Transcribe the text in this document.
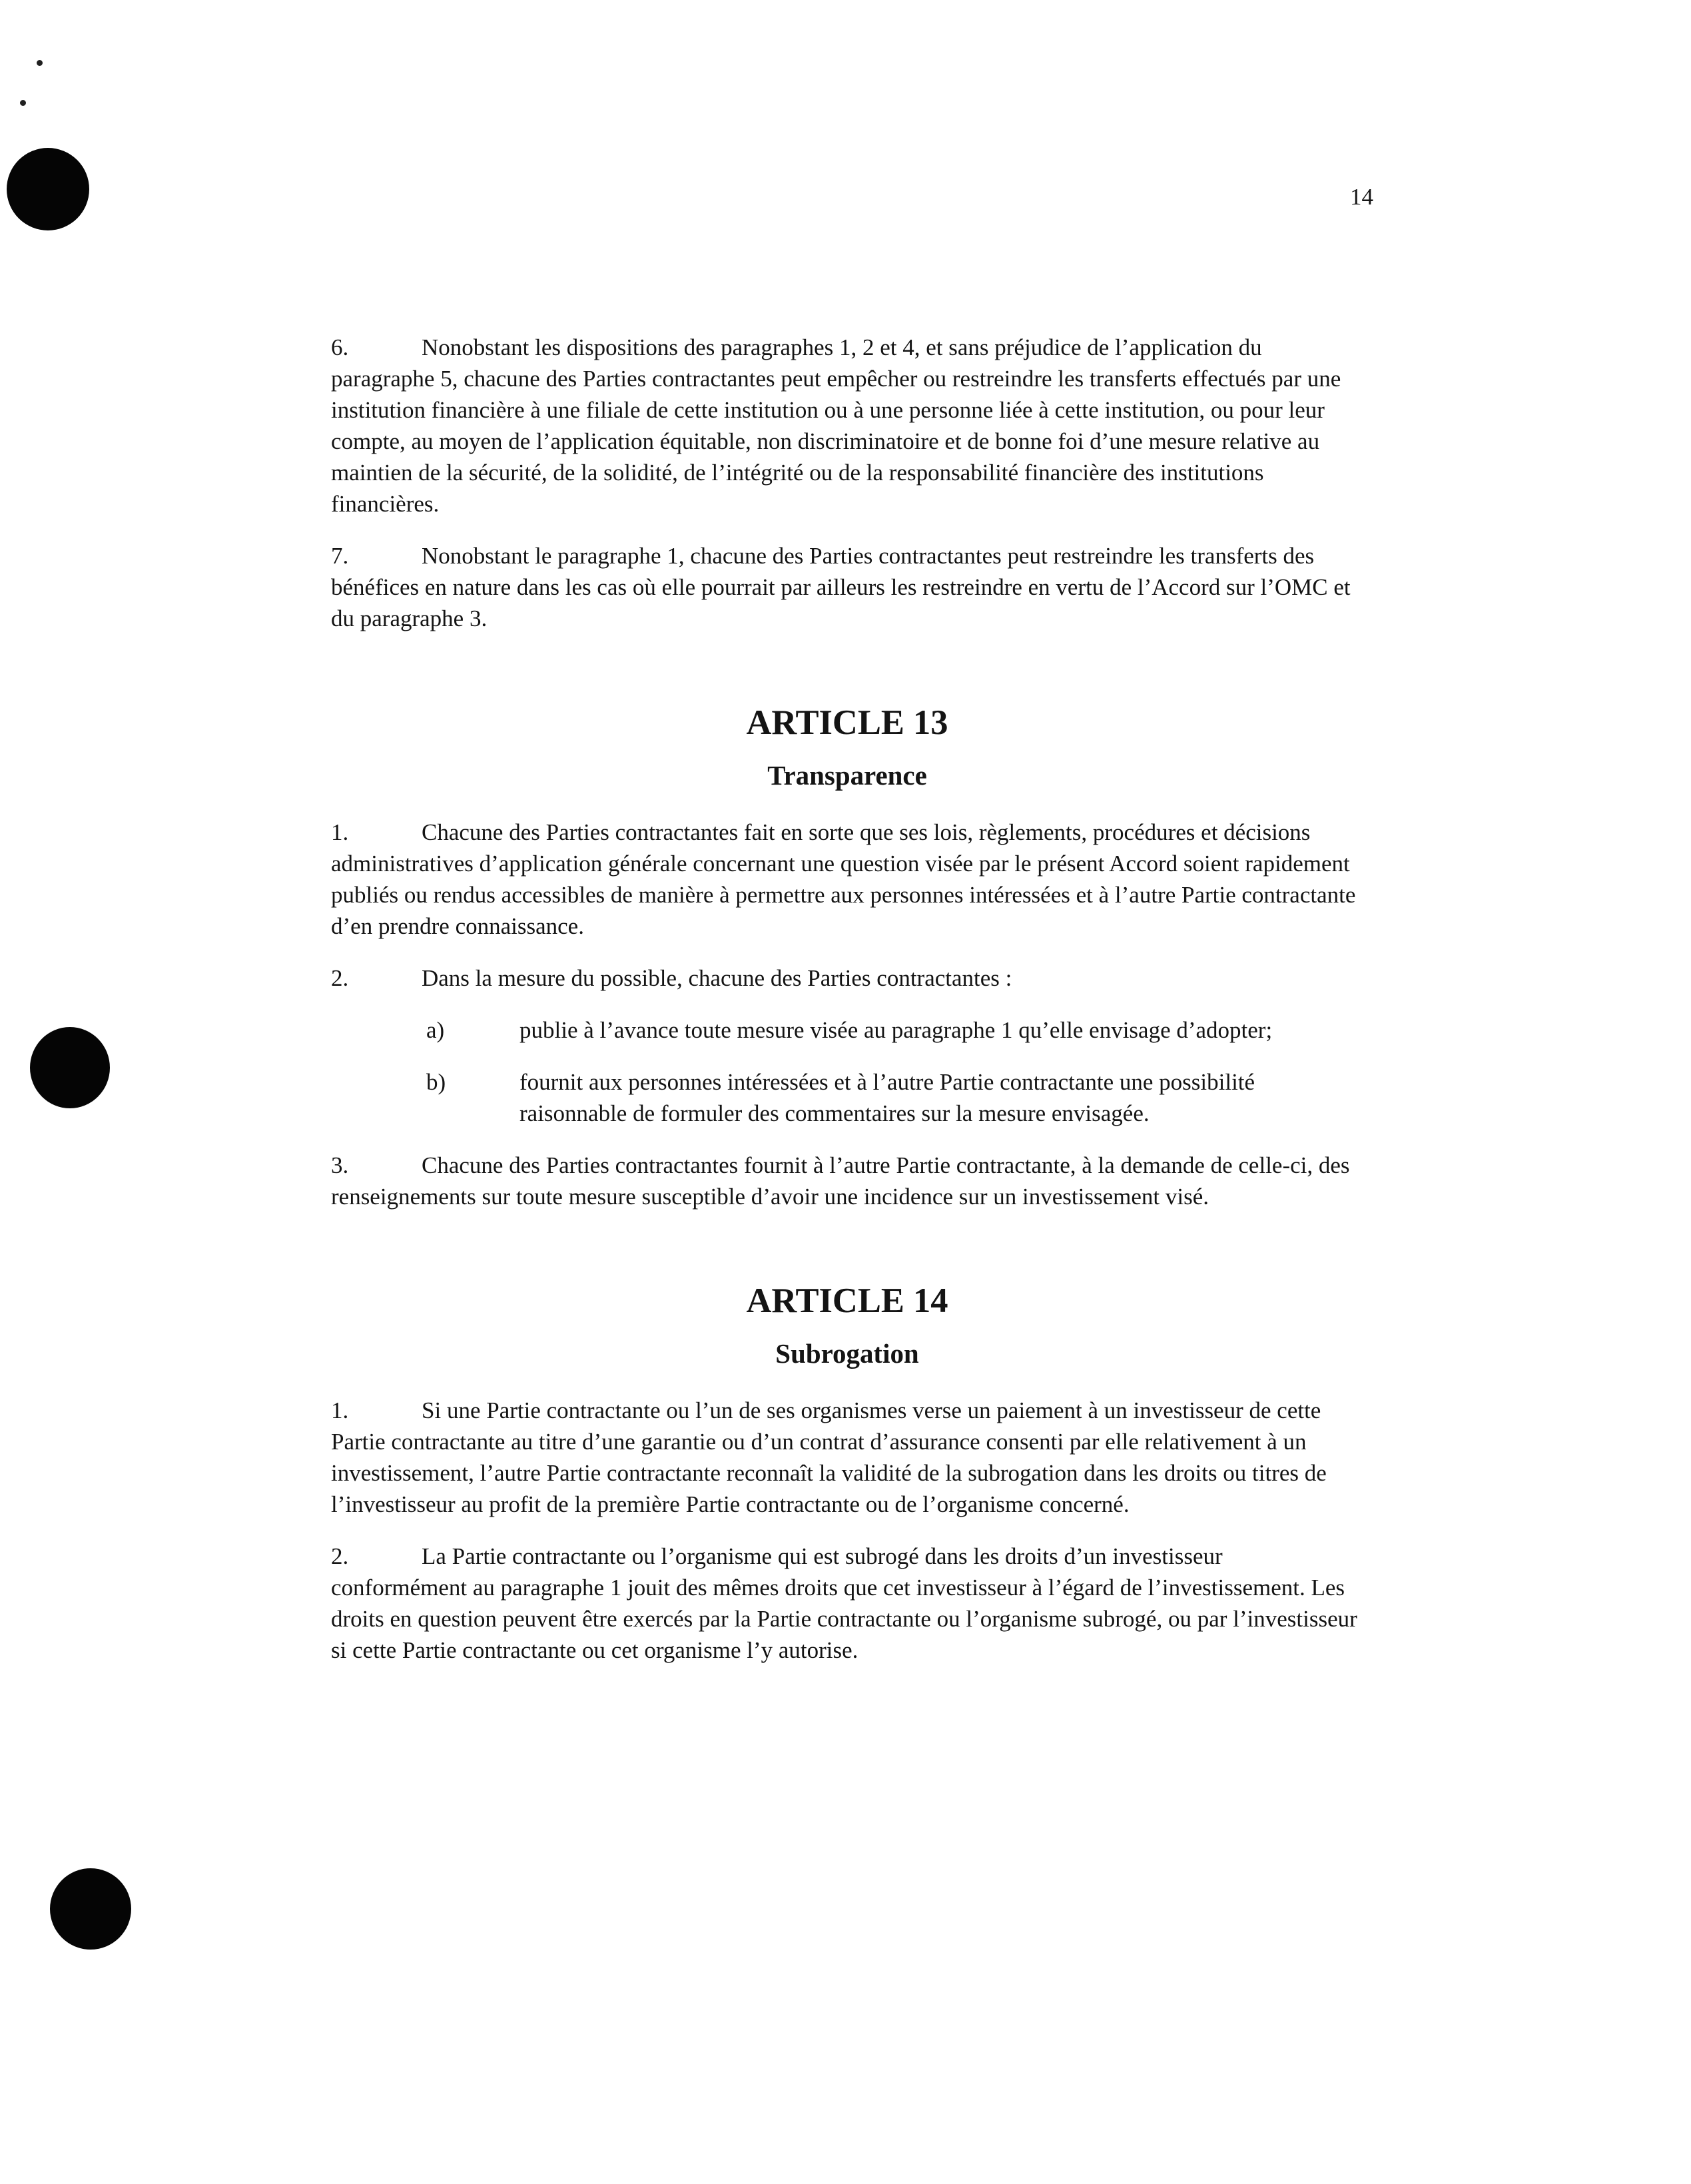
14

6.	Nonobstant les dispositions des paragraphes 1, 2 et 4, et sans préjudice de l’application du paragraphe 5, chacune des Parties contractantes peut empêcher ou restreindre les transferts effectués par une institution financière à une filiale de cette institution ou à une personne liée à cette institution, ou pour leur compte, au moyen de l’application équitable, non discriminatoire et de bonne foi d’une mesure relative au maintien de la sécurité, de la solidité, de l’intégrité ou de la responsabilité financière des institutions financières.

7.	Nonobstant le paragraphe 1, chacune des Parties contractantes peut restreindre les transferts des bénéfices en nature dans les cas où elle pourrait par ailleurs les restreindre en vertu de l’Accord sur l’OMC et du paragraphe 3.

ARTICLE 13
Transparence

1.	Chacune des Parties contractantes fait en sorte que ses lois, règlements, procédures et décisions administratives d’application générale concernant une question visée par le présent Accord soient rapidement publiés ou rendus accessibles de manière à permettre aux personnes intéressées et à l’autre Partie contractante d’en prendre connaissance.

2.	Dans la mesure du possible, chacune des Parties contractantes :

a)	publie à l’avance toute mesure visée au paragraphe 1 qu’elle envisage d’adopter;
b)	fournit aux personnes intéressées et à l’autre Partie contractante une possibilité raisonnable de formuler des commentaires sur la mesure envisagée.

3.	Chacune des Parties contractantes fournit à l’autre Partie contractante, à la demande de celle-ci, des renseignements sur toute mesure susceptible d’avoir une incidence sur un investissement visé.

ARTICLE 14
Subrogation

1.	Si une Partie contractante ou l’un de ses organismes verse un paiement à un investisseur de cette Partie contractante au titre d’une garantie ou d’un contrat d’assurance consenti par elle relativement à un investissement, l’autre Partie contractante reconnaît la validité de la subrogation dans les droits ou titres de l’investisseur au profit de la première Partie contractante ou de l’organisme concerné.

2.	La Partie contractante ou l’organisme qui est subrogé dans les droits d’un investisseur conformément au paragraphe 1 jouit des mêmes droits que cet investisseur à l’égard de l’investissement. Les droits en question peuvent être exercés par la Partie contractante ou l’organisme subrogé, ou par l’investisseur si cette Partie contractante ou cet organisme l’y autorise.
